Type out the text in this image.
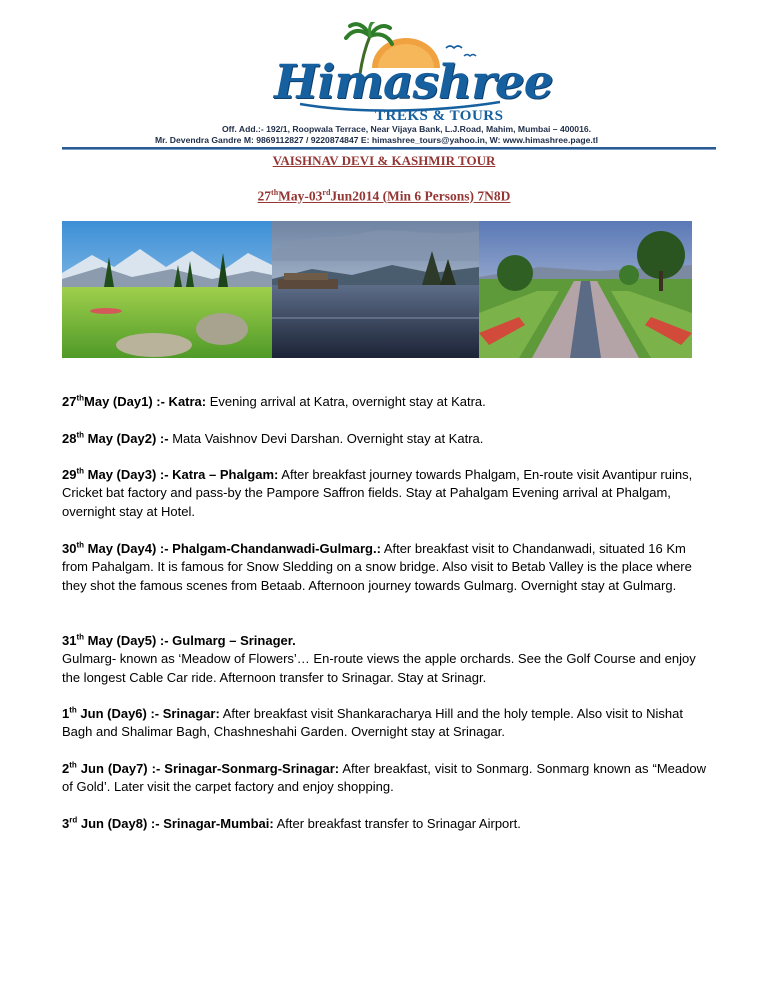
Himashree
TREKS & TOURS
Off. Add.:- 192/1, Roopwala Terrace, Near Vijaya Bank, L.J.Road, Mahim, Mumbai – 400016.
Mr. Devendra Gandre M: 9869112827 / 9220874847 E: himashree_tours@yahoo.in, W: www.himashree.page.tl
VAISHNAV DEVI & KASHMIR TOUR
27thMay-03rdJun2014 (Min 6 Persons) 7N8D
27thMay (Day1) :- Katra: Evening arrival at Katra, overnight stay at Katra.
28th May (Day2) :- Mata Vaishnov Devi Darshan. Overnight stay at Katra.
29th May (Day3) :- Katra – Phalgam: After breakfast journey towards Phalgam, En-route visit Avantipur ruins, Cricket bat factory and pass-by the Pampore Saffron fields. Stay at Pahalgam Evening arrival at Phalgam, overnight stay at Hotel.
30th May (Day4) :- Phalgam-Chandanwadi-Gulmarg.: After breakfast visit to Chandanwadi, situated 16 Km from Pahalgam. It is famous for Snow Sledding on a snow bridge. Also visit to Betab Valley is the place where they shot the famous scenes from Betaab. Afternoon journey towards Gulmarg. Overnight stay at Gulmarg.
31th May (Day5) :- Gulmarg – Srinager.
Gulmarg- known as ‘Meadow of Flowers’… En-route views the apple orchards. See the Golf Course and enjoy the longest Cable Car ride. Afternoon transfer to Srinagar. Stay at Srinagr.
1th Jun (Day6) :- Srinagar: After breakfast visit Shankaracharya Hill and the holy temple. Also visit to Nishat Bagh and Shalimar Bagh, Chashneshahi Garden. Overnight stay at Srinagar.
2th Jun (Day7) :- Srinagar-Sonmarg-Srinagar: After breakfast, visit to Sonmarg. Sonmarg known as “Meadow of Gold’. Later visit the carpet factory and enjoy shopping.
3rd Jun (Day8) :- Srinagar-Mumbai: After breakfast transfer to Srinagar Airport.
